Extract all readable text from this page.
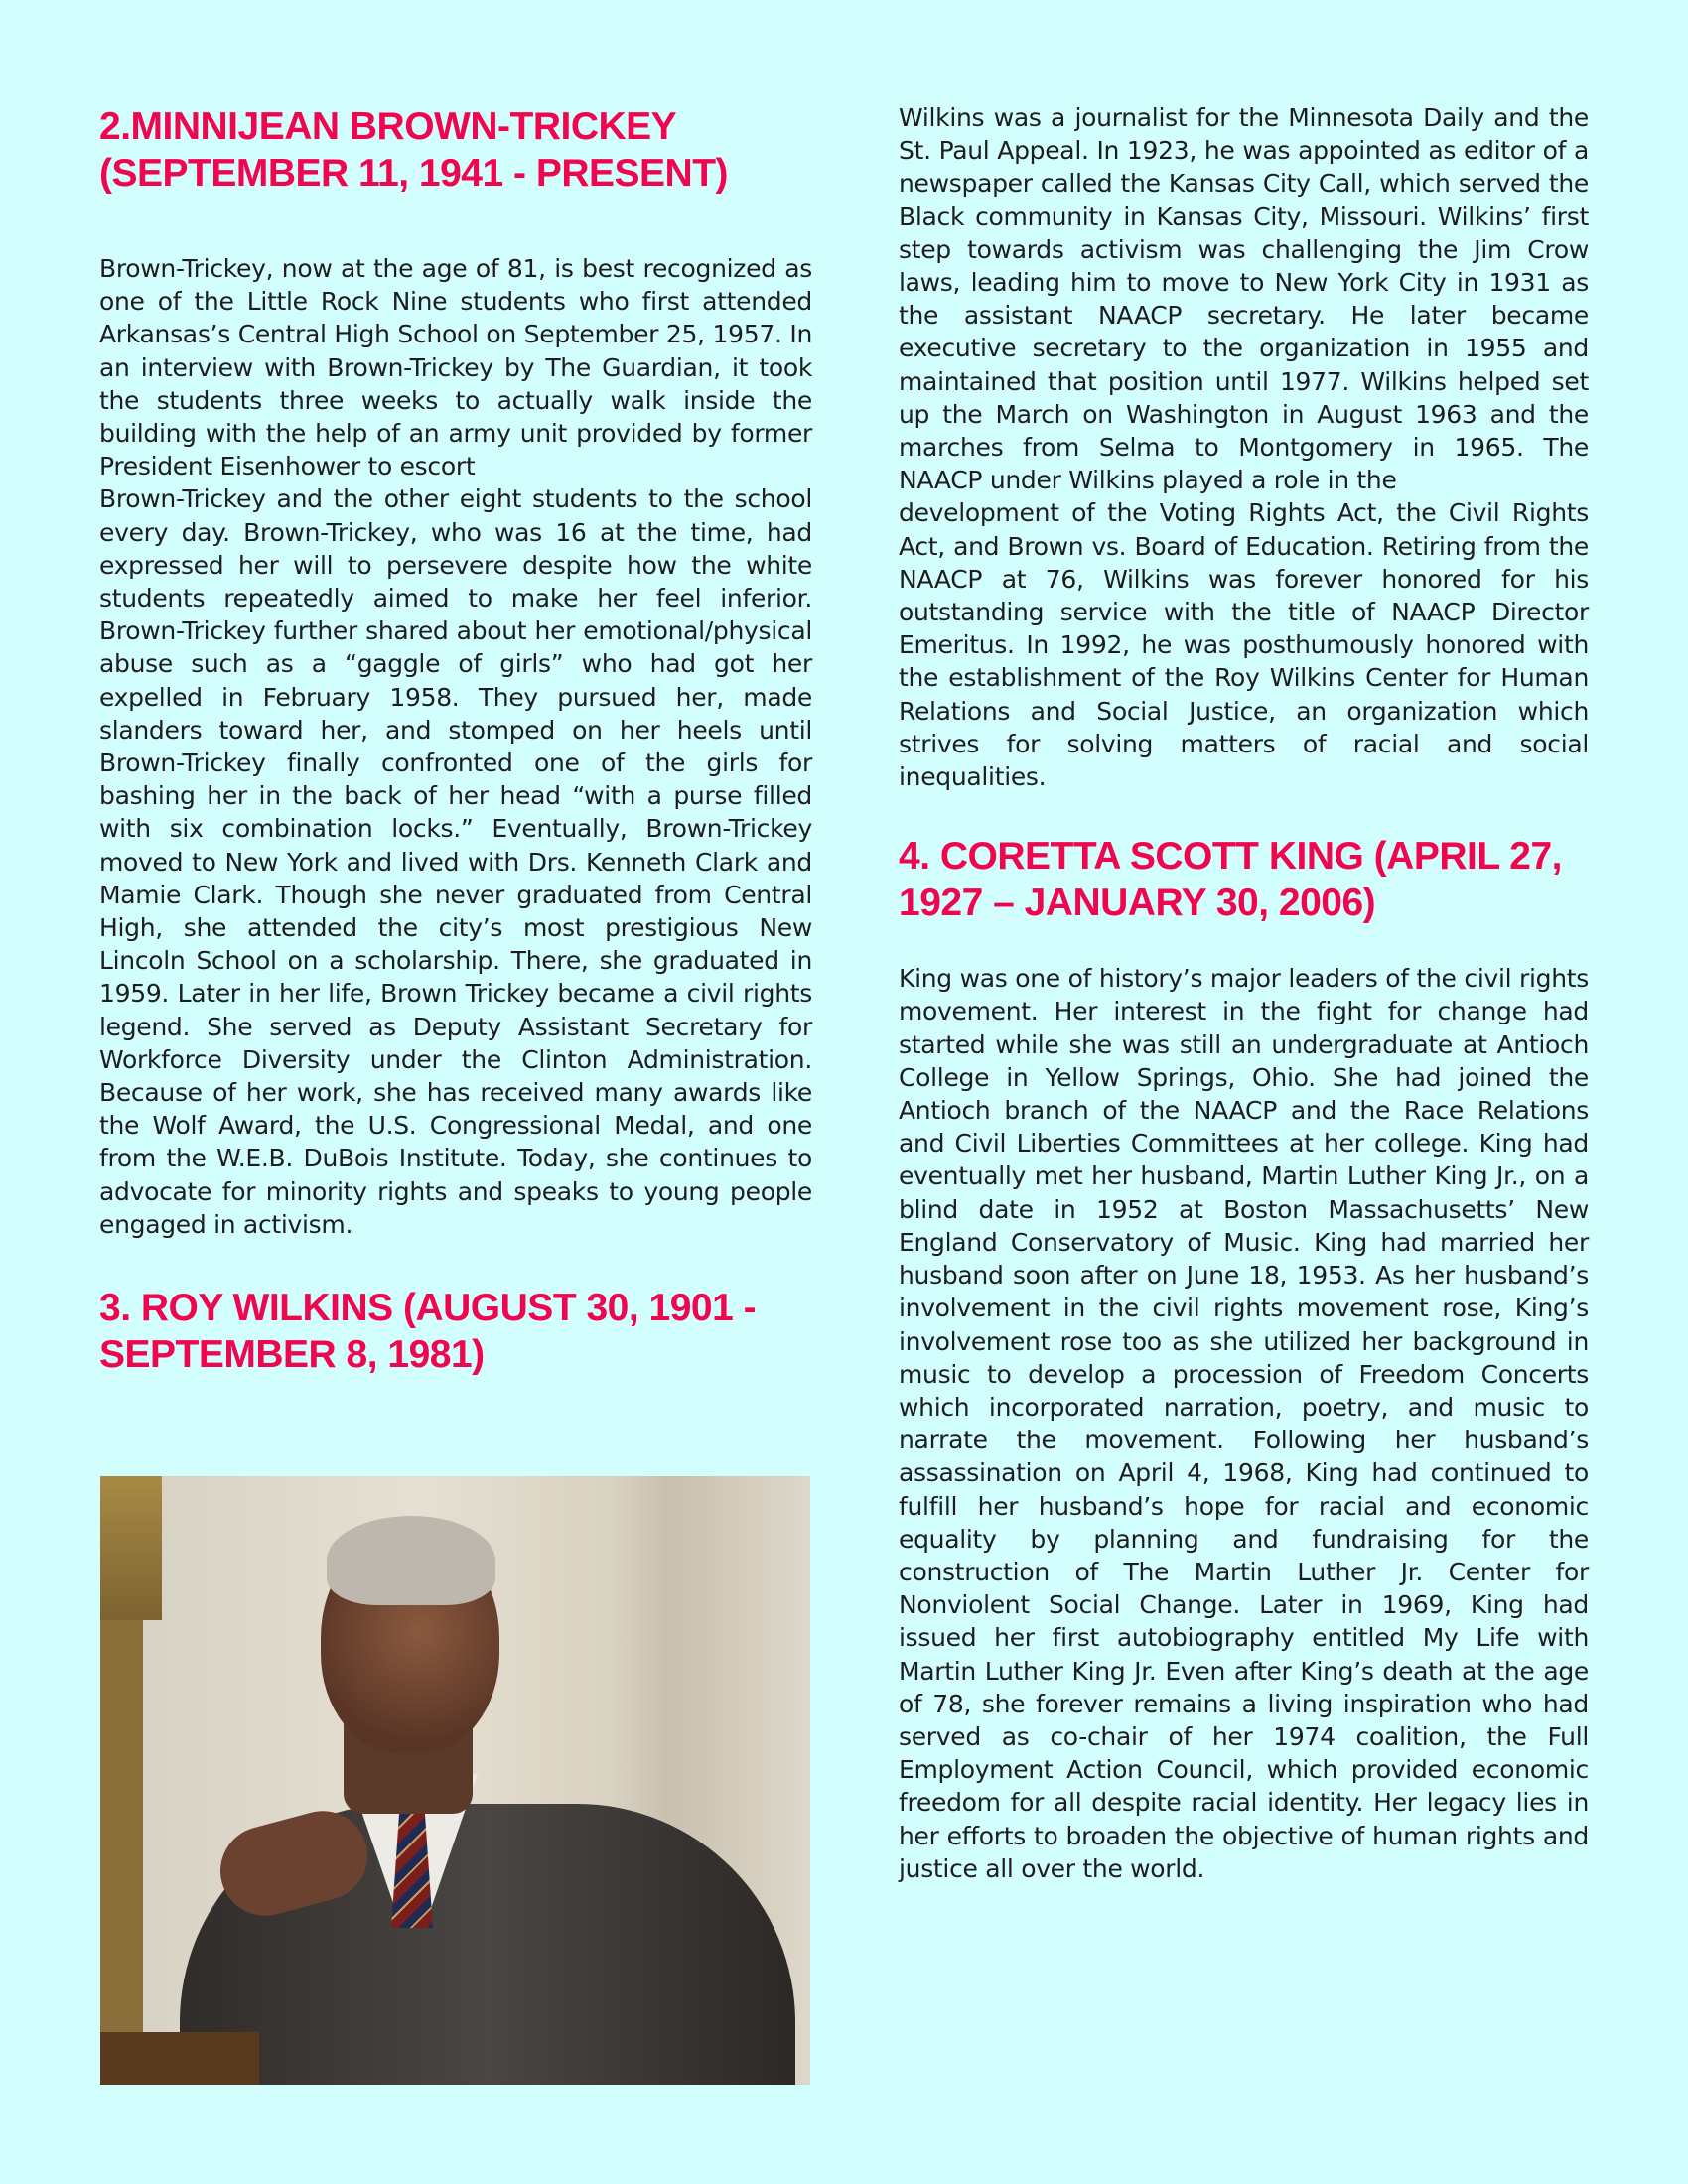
2.MINNIJEAN BROWN-TRICKEY (SEPTEMBER 11, 1941 - PRESENT)

Brown-Trickey, now at the age of 81, is best recognized as one of the Little Rock Nine students who first attended Arkansas’s Central High School on September 25, 1957. In an interview with Brown-Trickey by The Guardian, it took the students three weeks to actually walk inside the building with the help of an army unit provided by former President Eisenhower to escort

Brown-Trickey and the other eight students to the school every day. Brown-Trickey, who was 16 at the time, had expressed her will to persevere despite how the white students repeatedly aimed to make her feel inferior. Brown-Trickey further shared about her emotional/physical abuse such as a “gaggle of girls” who had got her expelled in February 1958. They pursued her, made slanders toward her, and stomped on her heels until Brown-Trickey finally confronted one of the girls for bashing her in the back of her head “with a purse filled with six combination locks.” Eventually, Brown-Trickey moved to New York and lived with Drs. Kenneth Clark and Mamie Clark. Though she never graduated from Central High, she attended the city’s most prestigious New Lincoln School on a scholarship. There, she graduated in 1959. Later in her life, Brown Trickey became a civil rights legend. She served as Deputy Assistant Secretary for Workforce Diversity under the Clinton Administration. Because of her work, she has received many awards like the Wolf Award, the U.S. Congressional Medal, and one from the W.E.B. DuBois Institute. Today, she continues to advocate for minority rights and speaks to young people engaged in activism.

3. ROY WILKINS (AUGUST 30, 1901 - SEPTEMBER 8, 1981)

Wilkins was a journalist for the Minnesota Daily and the St. Paul Appeal. In 1923, he was appointed as editor of a newspaper called the Kansas City Call, which served the Black community in Kansas City, Missouri. Wilkins’ first step towards activism was challenging the Jim Crow laws, leading him to move to New York City in 1931 as the assistant NAACP secretary. He later became executive secretary to the organization in 1955 and maintained that position until 1977. Wilkins helped set up the March on Washington in August 1963 and the marches from Selma to Montgomery in 1965. The NAACP under Wilkins played a role in the

development of the Voting Rights Act, the Civil Rights Act, and Brown vs. Board of Education. Retiring from the NAACP at 76, Wilkins was forever honored for his outstanding service with the title of NAACP Director Emeritus. In 1992, he was posthumously honored with the establishment of the Roy Wilkins Center for Human Relations and Social Justice, an organization which strives for solving matters of racial and social inequalities.

4. CORETTA SCOTT KING (APRIL 27, 1927 – JANUARY 30, 2006)

King was one of history’s major leaders of the civil rights movement. Her interest in the fight for change had started while she was still an undergraduate at Antioch College in Yellow Springs, Ohio. She had joined the Antioch branch of the NAACP and the Race Relations and Civil Liberties Committees at her college. King had eventually met her husband, Martin Luther King Jr., on a blind date in 1952 at Boston Massachusetts’ New England Conservatory of Music. King had married her husband soon after on June 18, 1953. As her husband’s involvement in the civil rights movement rose, King’s involvement rose too as she utilized her background in music to develop a procession of Freedom Concerts which incorporated narration, poetry, and music to narrate the movement. Following her husband’s assassination on April 4, 1968, King had continued to fulfill her husband’s hope for racial and economic equality by planning and fundraising for the construction of The Martin Luther Jr. Center for Nonviolent Social Change. Later in 1969, King had issued her first autobiography entitled My Life with Martin Luther King Jr. Even after King’s death at the age of 78, she forever remains a living inspiration who had served as co-chair of her 1974 coalition, the Full Employment Action Council, which provided economic freedom for all despite racial identity. Her legacy lies in her efforts to broaden the objective of human rights and justice all over the world.
